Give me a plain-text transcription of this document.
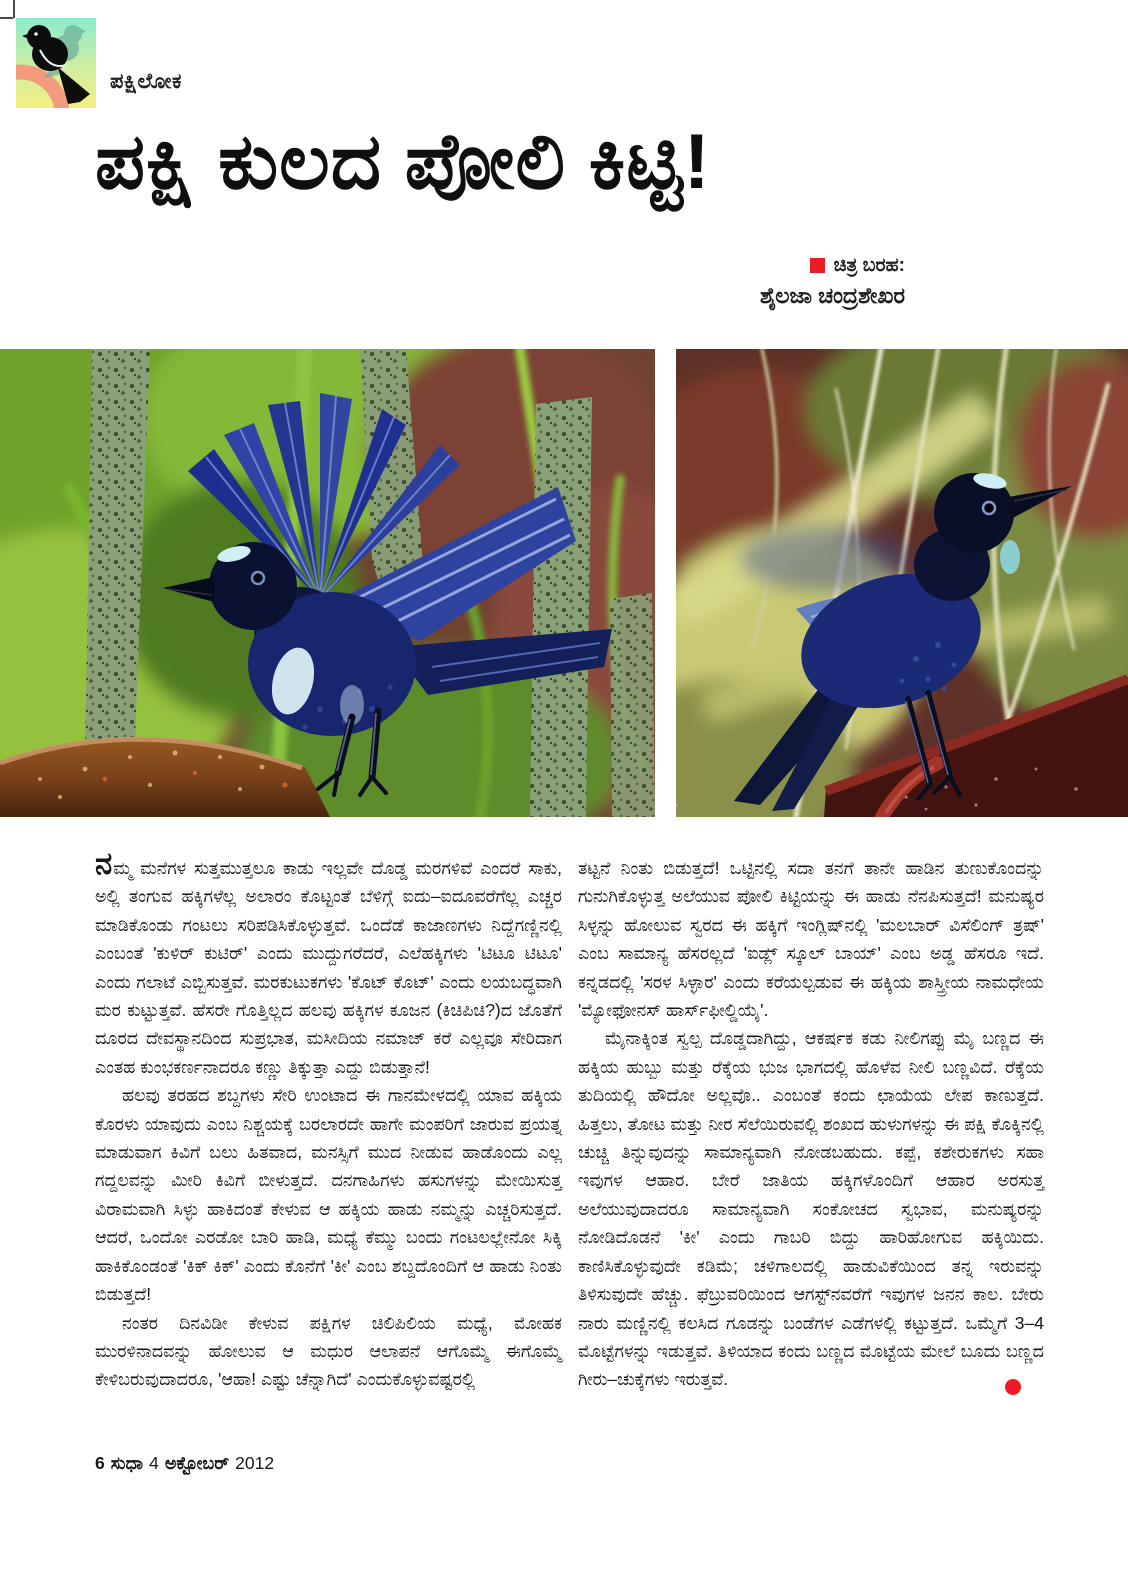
ಪಕ್ಷಿಲೋಕ
ಪಕ್ಷಿ ಕುಲದ ಪೋಲಿ ಕಿಟ್ಟಿ!
ಚಿತ್ರ ಬರಹ:
ಶೈಲಜಾ ಚಂದ್ರಶೇಖರ

ನಮ್ಮ ಮನೆಗಳ ಸುತ್ತಮುತ್ತಲೂ ಕಾಡು ಇಲ್ಲವೇ ದೊಡ್ಡ ಮರಗಳಿವೆ ಎಂದರೆ ಸಾಕು, ಅಲ್ಲಿ ತಂಗುವ ಹಕ್ಕಿಗಳೆಲ್ಲ ಅಲಾರಂ ಕೊಟ್ಟಂತೆ ಬೆಳಿಗ್ಗೆ ಐದು–ಐದೂವರೆಗೆಲ್ಲ ಎಚ್ಚರ ಮಾಡಿಕೊಂಡು ಗಂಟಲು ಸರಿಪಡಿಸಿಕೊಳ್ಳುತ್ತವೆ. ಒಂದೆಡೆ ಕಾಜಾಣಗಳು ನಿದ್ದೆಗಣ್ಣಿನಲ್ಲಿ ಎಂಬಂತೆ 'ಕುಳಿರ್ ಕುಟಿರ್' ಎಂದು ಮುದ್ದುಗರೆದರೆ, ಎಲೆಹಕ್ಕಿಗಳು 'ಟಿಟೂ ಟಿಟೂ' ಎಂದು ಗಲಾಟೆ ಎಬ್ಬಿಸುತ್ತವೆ. ಮರಕುಟುಕಗಳು 'ಕೊಟ್ ಕೊಟ್' ಎಂದು ಲಯಬದ್ಧವಾಗಿ ಮರ ಕುಟ್ಟುತ್ತವೆ. ಹೆಸರೇ ಗೊತ್ತಿಲ್ಲದ ಹಲವು ಹಕ್ಕಿಗಳ ಕೂಜನ (ಕಿಚಿಪಿಚಿ?)ದ ಜೊತೆಗೆ ದೂರದ ದೇವಸ್ಥಾನದಿಂದ ಸುಪ್ರಭಾತ, ಮಸೀದಿಯ ನಮಾಜ್ ಕರೆ ಎಲ್ಲವೂ ಸೇರಿದಾಗ ಎಂತಹ ಕುಂಭಕರ್ಣನಾದರೂ ಕಣ್ಣು ತಿಕ್ಕುತ್ತಾ ಎದ್ದು ಬಿಡುತ್ತಾನೆ!

ಹಲವು ತರಹದ ಶಬ್ದಗಳು ಸೇರಿ ಉಂಟಾದ ಈ ಗಾನಮೇಳದಲ್ಲಿ ಯಾವ ಹಕ್ಕಿಯ ಕೊರಳು ಯಾವುದು ಎಂಬ ನಿಶ್ಚಯಕ್ಕೆ ಬರಲಾರದೇ ಹಾಗೇ ಮಂಪರಿಗೆ ಜಾರುವ ಪ್ರಯತ್ನ ಮಾಡುವಾಗ ಕಿವಿಗೆ ಬಲು ಹಿತವಾದ, ಮನಸ್ಸಿಗೆ ಮುದ ನೀಡುವ ಹಾಡೊಂದು ಎಲ್ಲ ಗದ್ದಲವನ್ನು ಮೀರಿ ಕಿವಿಗೆ ಬೀಳುತ್ತದೆ. ದನಗಾಹಿಗಳು ಹಸುಗಳನ್ನು ಮೇಯಿಸುತ್ತ ವಿರಾಮವಾಗಿ ಸಿಳ್ಳು ಹಾಕಿದಂತೆ ಕೇಳುವ ಆ ಹಕ್ಕಿಯ ಹಾಡು ನಮ್ಮನ್ನು ಎಚ್ಚರಿಸುತ್ತದೆ. ಆದರೆ, ಒಂದೋ ಎರಡೋ ಬಾರಿ ಹಾಡಿ, ಮಧ್ಯೆ ಕೆಮ್ಮು ಬಂದು ಗಂಟಲಲ್ಲೇನೋ ಸಿಕ್ಕಿ ಹಾಕಿಕೊಂಡಂತೆ 'ಕಿಕ್ ಕಿಕ್' ಎಂದು ಕೊನೆಗೆ 'ಕೀ' ಎಂಬ ಶಬ್ದದೊಂದಿಗೆ ಆ ಹಾಡು ನಿಂತು ಬಿಡುತ್ತದೆ!

ನಂತರ ದಿನವಿಡೀ ಕೇಳುವ ಪಕ್ಷಿಗಳ ಚಿಲಿಪಿಲಿಯ ಮಧ್ಯೆ, ಮೋಹಕ ಮುರಳಿನಾದವನ್ನು ಹೋಲುವ ಆ ಮಧುರ ಆಲಾಪನೆ ಆಗೊಮ್ಮೆ ಈಗೊಮ್ಮೆ ಕೇಳಿಬರುವುದಾದರೂ, 'ಆಹಾ! ಎಷ್ಟು ಚೆನ್ನಾಗಿದೆ' ಎಂದುಕೊಳ್ಳುವಷ್ಟರಲ್ಲಿ

ತಟ್ಟನೆ ನಿಂತು ಬಿಡುತ್ತದೆ! ಒಟ್ಟಿನಲ್ಲಿ ಸದಾ ತನಗೆ ತಾನೇ ಹಾಡಿನ ತುಣುಕೊಂದನ್ನು ಗುನುಗಿಕೊಳ್ಳುತ್ತ ಅಲೆಯುವ ಪೋಲಿ ಕಿಟ್ಟಿಯನ್ನು ಈ ಹಾಡು ನೆನಪಿಸುತ್ತದೆ! ಮನುಷ್ಯರ ಸಿಳ್ಳನ್ನು ಹೋಲುವ ಸ್ವರದ ಈ ಹಕ್ಕಿಗೆ ಇಂಗ್ಲಿಷ್‌ನಲ್ಲಿ 'ಮಲಬಾರ್ ವಿಸೆಲಿಂಗ್ ತ್ರಷ್' ಎಂಬ ಸಾಮಾನ್ಯ ಹೆಸರಲ್ಲದೆ 'ಐಡ್ಲ್ ಸ್ಕೂಲ್ ಬಾಯ್' ಎಂಬ ಅಡ್ಡ ಹೆಸರೂ ಇದೆ. ಕನ್ನಡದಲ್ಲಿ 'ಸರಳ ಸಿಳ್ಳಾರ' ಎಂದು ಕರೆಯಲ್ಪಡುವ ಈ ಹಕ್ಕಿಯ ಶಾಸ್ತ್ರೀಯ ನಾಮಧೇಯ 'ಮ್ಯೋಫೋನಸ್ ಹಾರ್ಸ್‌ಫೀಲ್ಡಿಯೈ'.

ಮೈನಾಕ್ಕಿಂತ ಸ್ವಲ್ಪ ದೊಡ್ಡದಾಗಿದ್ದು, ಆಕರ್ಷಕ ಕಡು ನೀಲಿಗಪ್ಪು ಮೈ ಬಣ್ಣದ ಈ ಹಕ್ಕಿಯ ಹುಬ್ಬು ಮತ್ತು ರೆಕ್ಕೆಯ ಭುಜ ಭಾಗದಲ್ಲಿ ಹೊಳೆವ ನೀಲಿ ಬಣ್ಣವಿದೆ. ರೆಕ್ಕೆಯ ತುದಿಯಲ್ಲಿ ಹೌದೋ ಅಲ್ಲವೊ.. ಎಂಬಂತೆ ಕಂದು ಛಾಯೆಯ ಲೇಪ ಕಾಣುತ್ತದೆ. ಹಿತ್ತಲು, ತೋಟ ಮತ್ತು ನೀರ ಸೆಲೆಯಿರುವಲ್ಲಿ ಶಂಖದ ಹುಳುಗಳನ್ನು ಈ ಪಕ್ಷಿ ಕೊಕ್ಕಿನಲ್ಲಿ ಚುಚ್ಚಿ ತಿನ್ನುವುದನ್ನು ಸಾಮಾನ್ಯವಾಗಿ ನೋಡಬಹುದು. ಕಪ್ಪೆ, ಕಶೇರುಕಗಳು ಸಹಾ ಇವುಗಳ ಆಹಾರ. ಬೇರೆ ಜಾತಿಯ ಹಕ್ಕಿಗಳೊಂದಿಗೆ ಆಹಾರ ಅರಸುತ್ತ ಅಲೆಯುವುದಾದರೂ ಸಾಮಾನ್ಯವಾಗಿ ಸಂಕೋಚದ ಸ್ವಭಾವ, ಮನುಷ್ಯರನ್ನು ನೋಡಿದೊಡನೆ 'ಕೀ' ಎಂದು ಗಾಬರಿ ಬಿದ್ದು ಹಾರಿಹೋಗುವ ಹಕ್ಕಿಯಿದು. ಕಾಣಿಸಿಕೊಳ್ಳುವುದೇ ಕಡಿಮೆ; ಚಳಿಗಾಲದಲ್ಲಿ ಹಾಡುವಿಕೆಯಿಂದ ತನ್ನ ಇರುವನ್ನು ತಿಳಿಸುವುದೇ ಹೆಚ್ಚು. ಫೆಬ್ರುವರಿಯಿಂದ ಆಗಸ್ಟ್‌ನವರೆಗೆ ಇವುಗಳ ಜನನ ಕಾಲ. ಬೇರು ನಾರು ಮಣ್ಣಿನಲ್ಲಿ ಕಲಸಿದ ಗೂಡನ್ನು ಬಂಡೆಗಳ ಎಡೆಗಳಲ್ಲಿ ಕಟ್ಟುತ್ತದೆ. ಒಮ್ಮೆಗೆ 3–4 ಮೊಟ್ಟೆಗಳನ್ನು ಇಡುತ್ತವೆ. ತಿಳಿಯಾದ ಕಂದು ಬಣ್ಣದ ಮೊಟ್ಟೆಯ ಮೇಲೆ ಬೂದು ಬಣ್ಣದ ಗೀರು–ಚುಕ್ಕೆಗಳು ಇರುತ್ತವೆ.

6 ಸುಧಾ 4 ಅಕ್ಟೋಬರ್ 2012
